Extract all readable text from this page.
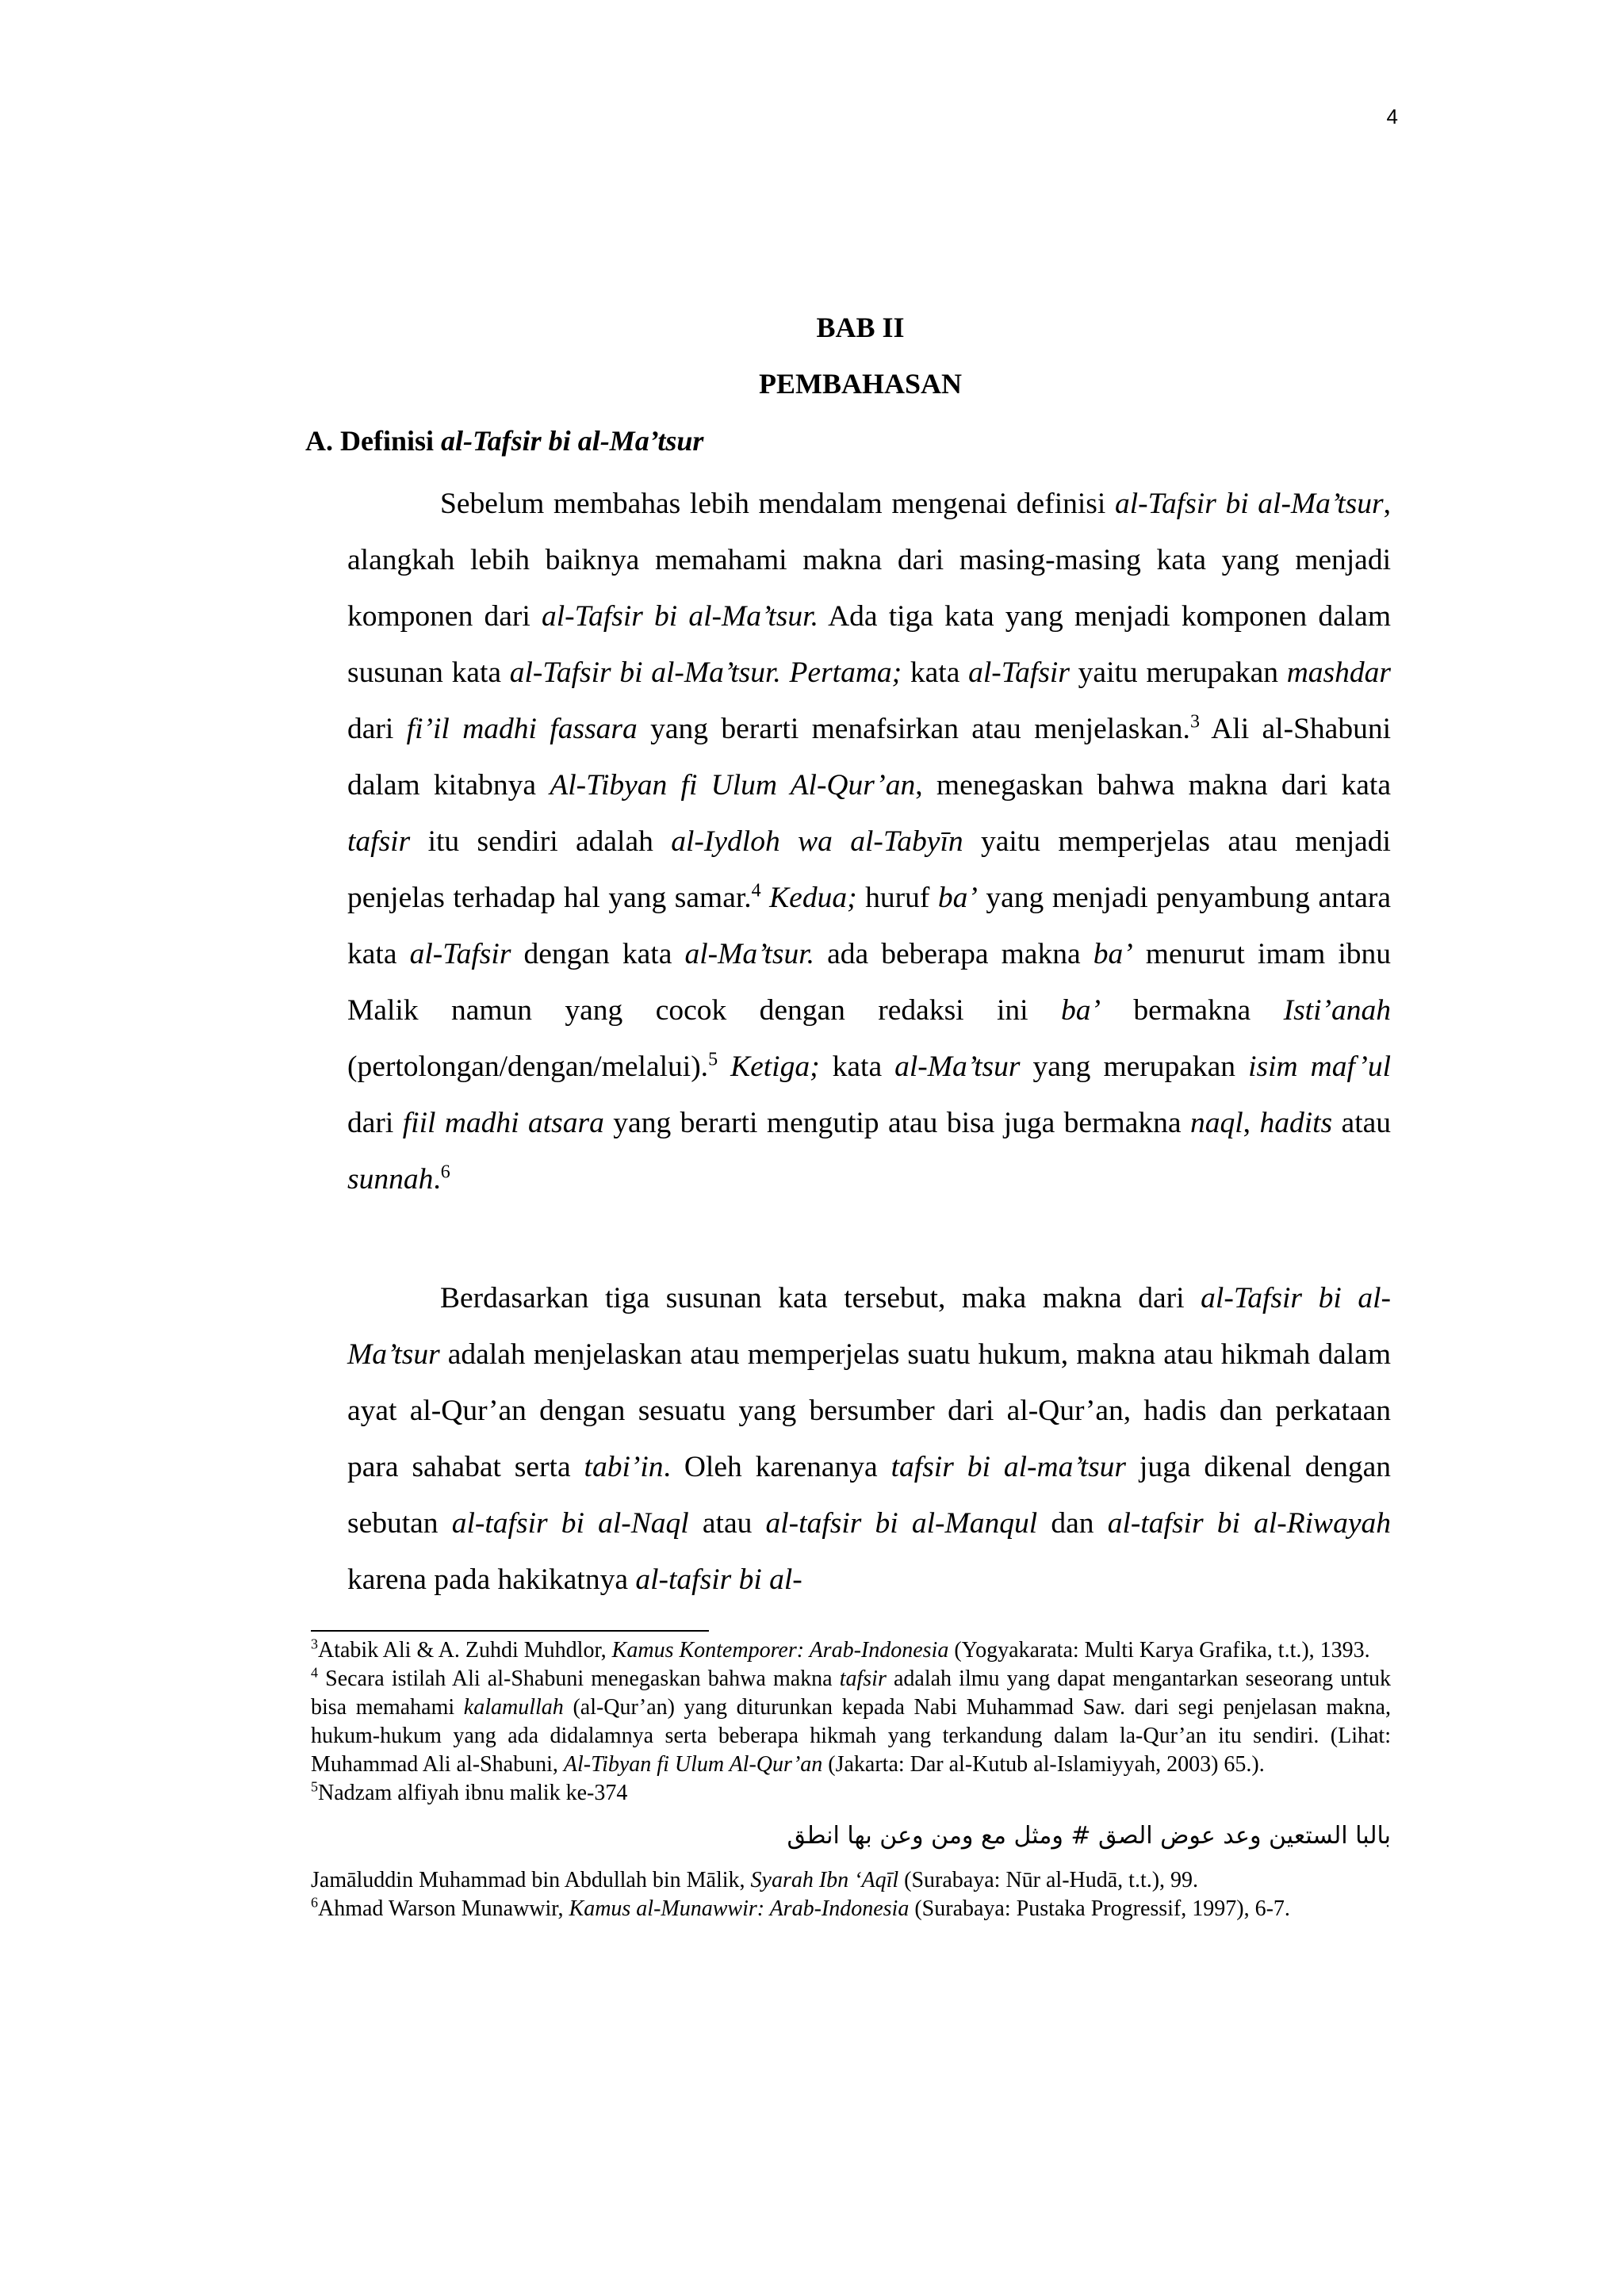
4
BAB II
PEMBAHASAN
A. Definisi al-Tafsir bi al-Ma’tsur

Sebelum membahas lebih mendalam mengenai definisi al-Tafsir bi al-Ma’tsur, alangkah lebih baiknya memahami makna dari masing-masing kata yang menjadi komponen dari al-Tafsir bi al-Ma’tsur. Ada tiga kata yang menjadi komponen dalam susunan kata al-Tafsir bi al-Ma’tsur. Pertama; kata al-Tafsir yaitu merupakan mashdar dari fi’il madhi fassara yang berarti menafsirkan atau menjelaskan.$^3$ Ali al-Shabuni dalam kitabnya Al-Tibyan fi Ulum Al-Qur’an, menegaskan bahwa makna dari kata tafsir itu sendiri adalah al-Iydloh wa al-Tabyīn yaitu memperjelas atau menjadi penjelas terhadap hal yang samar.$^4$ Kedua; huruf ba’ yang menjadi penyambung antara kata al-Tafsir dengan kata al-Ma’tsur. ada beberapa makna ba’ menurut imam ibnu Malik namun yang cocok dengan redaksi ini ba’ bermakna Isti’anah (pertolongan/dengan/melalui).$^5$ Ketiga; kata al-Ma’tsur yang merupakan isim maf’ul dari fiil madhi atsara yang berarti mengutip atau bisa juga bermakna naql, hadits atau sunnah.$^6$

Berdasarkan tiga susunan kata tersebut, maka makna dari al-Tafsir bi al-Ma’tsur adalah menjelaskan atau memperjelas suatu hukum, makna atau hikmah dalam ayat al-Qur’an dengan sesuatu yang bersumber dari al-Qur’an, hadis dan perkataan para sahabat serta tabi’in. Oleh karenanya tafsir bi al-ma’tsur juga dikenal dengan sebutan al-tafsir bi al-Naql atau al-tafsir bi al-Manqul dan al-tafsir bi al-Riwayah karena pada hakikatnya al-tafsir bi al-

$^3$Atabik Ali & A. Zuhdi Muhdlor, Kamus Kontemporer: Arab-Indonesia (Yogyakarata: Multi Karya Grafika, t.t.), 1393.

$^4$ Secara istilah Ali al-Shabuni menegaskan bahwa makna tafsir adalah ilmu yang dapat mengantarkan seseorang untuk bisa memahami kalamullah (al-Qur’an) yang diturunkan kepada Nabi Muhammad Saw. dari segi penjelasan makna, hukum-hukum yang ada didalamnya serta beberapa hikmah yang terkandung dalam la-Qur’an itu sendiri. (Lihat: Muhammad Ali al-Shabuni, Al-Tibyan fi Ulum Al-Qur’an (Jakarta: Dar al-Kutub al-Islamiyyah, 2003) 65.).

$^5$Nadzam alfiyah ibnu malik ke-374

بالبا الستعين وعد عوض الصق # ومثل مع ومن وعن بها انطق

Jamāluddin Muhammad bin Abdullah bin Mālik, Syarah Ibn ‘Aqīl (Surabaya: Nūr al-Hudā, t.t.), 99.

$^6$Ahmad Warson Munawwir, Kamus al-Munawwir: Arab-Indonesia (Surabaya: Pustaka Progressif, 1997), 6-7.
